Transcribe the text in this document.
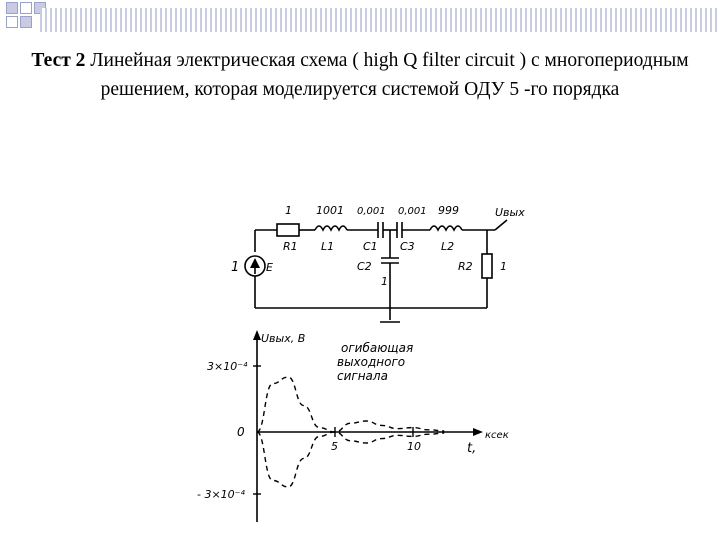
Тест 2 Линейная электрическая схема ( high Q filter circuit ) с многопериодным решением, которая моделируется системой ОДУ 5 -го порядка
1
R1
1001
L1
0,001
C1
0,001
C3
999
L2
Uвых
1 E	C2
1
R2 1
Uвых, В
3×10⁻⁴
0
- 3×10⁻⁴
5	10	t,
ксек
огибающая
выходного
сигнала
